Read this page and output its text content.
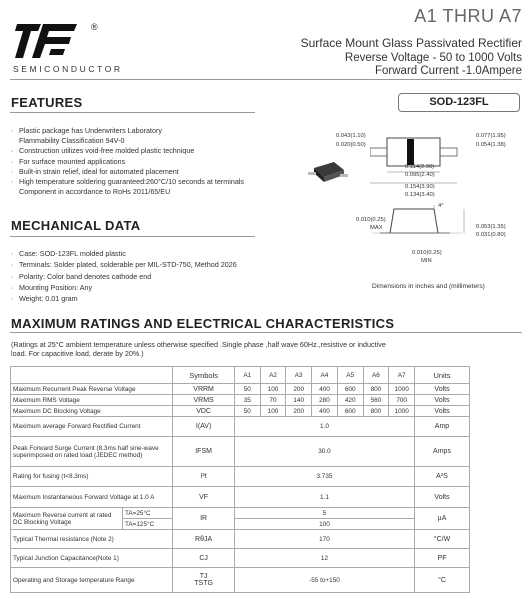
®
SEMICONDUCTOR
A1 THRU A7
Surface Mount Glass Passivated Rectifier
Reverse Voltage - 50 to 1000 Volts
Forward Current -1.0Ampere
FEATURES	SOD-123FL
· Plastic package has Underwriters Laboratory
Flammability Classification 94V-0
· Construction utilizes void-free molded plastic technique
· For surface mounted applications
· Built-in strain relief, ideal for automated placement
· High temperature soldering guaranteed:260°C/10 seconds at terminals
Component in accordance to RoHs 2011/65/EU
0.043(1.10)
0.020(0.50)
0.077(1.95)
0.054(1.38)
0.114(2.90)
0.095(2.40)
0.154(3.90)
0.134(3.40)
4°
0.010(0.25)
MAX	0.053(1.35)
0.031(0.80)
0.010(0.25)
MIN
Dimensions in inches and (millimeters)
MECHANICAL DATA
· Case: SOD-123FL molded plastic
· Terminals: Solder plated, solderable per MIL-STD-750, Method 2026
· Polarity: Color band denotes cathode end
· Mounting Position: Any
· Weight: 0.01 gram
MAXIMUM RATINGS AND ELECTRICAL CHARACTERISTICS
(Ratings at 25°C ambient temperature unless otherwise specified .Single phase ,half wave 60Hz.,resistive or inductive
load. For capacitive load, derate by 20%.)
		Symbols	A1	A2	A3	A4	A5	A6	A7	Units
Maximum Recurrent Peak Reverse Voltage		VRRM	50	100	200	400	600	800	1000	Volts
Maximum RMS Voltage		VRMS	35	70	140	280	420	560	700	Volts
Maximum DC Blocking Voltage		VDC	50	100	200	400	600	800	1000	Volts
Maximum average Forward Rectified Current		I(AV)	1.0							Amp
Peak Forward Surge Current (8.3ms half sine-wave superimposed on rated load (JEDEC method)		IFSM	30.0							Amps
Rating for fusing (t<8.3ms)		I²t	3.735							A²S
Maximum Instantaneous Forward Voltage at 1.0 A		VF	1.1							Volts
Maximum Reverse current at rated DC Blocking Voltage	TA=25°C	IR	5							µA
	TA=125°C		100							
Typical Thermal resistance (Note 2)		RθJA	170							°C/W
Typical Junction Capacitance(Note 1)		CJ	12							PF
Operating and Storage temperature Range		TJ
TSTG	-55 to+150							°C
